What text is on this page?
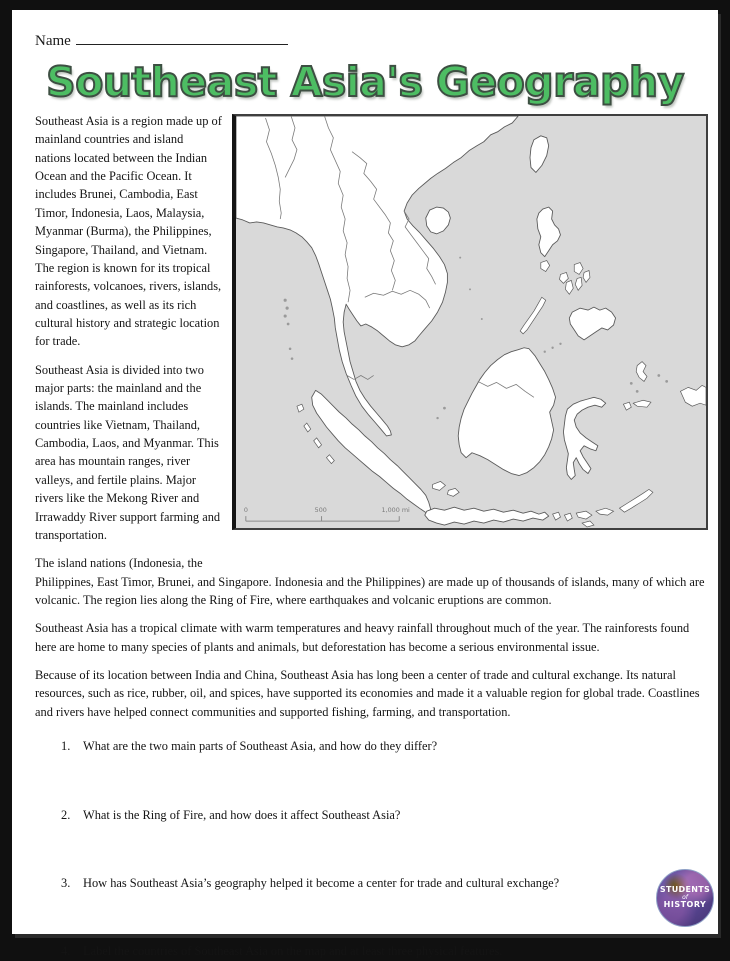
Name
Southeast Asia's Geography
0	500	1,000 mi

Southeast Asia is a region made up of mainland countries and island nations located between the Indian Ocean and the Pacific Ocean. It includes Brunei, Cambodia, East Timor, Indonesia, Laos, Malaysia, Myanmar (Burma), the Philippines, Singapore, Thailand, and Vietnam. The region is known for its tropical rainforests, volcanoes, rivers, islands, and coastlines, as well as its rich cultural history and strategic location for trade.

Southeast Asia is divided into two major parts: the mainland and the islands. The mainland includes countries like Vietnam, Thailand, Cambodia, Laos, and Myanmar. This area has mountain ranges, river valleys, and fertile plains. Major rivers like the Mekong River and Irrawaddy River support farming and transportation.

The island nations (Indonesia, the Philippines, East Timor, Brunei, and Singapore. Indonesia and the Philippines) are made up of thousands of islands, many of which are volcanic. The region lies along the Ring of Fire, where earthquakes and volcanic eruptions are common.

Southeast Asia has a tropical climate with warm temperatures and heavy rainfall throughout much of the year. The rainforests found here are home to many species of plants and animals, but deforestation has become a serious environmental issue.

Because of its location between India and China, Southeast Asia has long been a center of trade and cultural exchange. Its natural resources, such as rice, rubber, oil, and spices, have supported its economies and made it a valuable region for global trade. Coastlines and rivers have helped connect communities and supported fishing, farming, and transportation.

1.	What are the two main parts of Southeast Asia, and how do they differ?
2.	What is the Ring of Fire, and how does it affect Southeast Asia?
3.	How has Southeast Asia’s geography helped it become a center for trade and cultural exchange?
4.	Label the countries of Southeast Asia on the map and at least three physical features.
STUDENTS
of
HISTORY
